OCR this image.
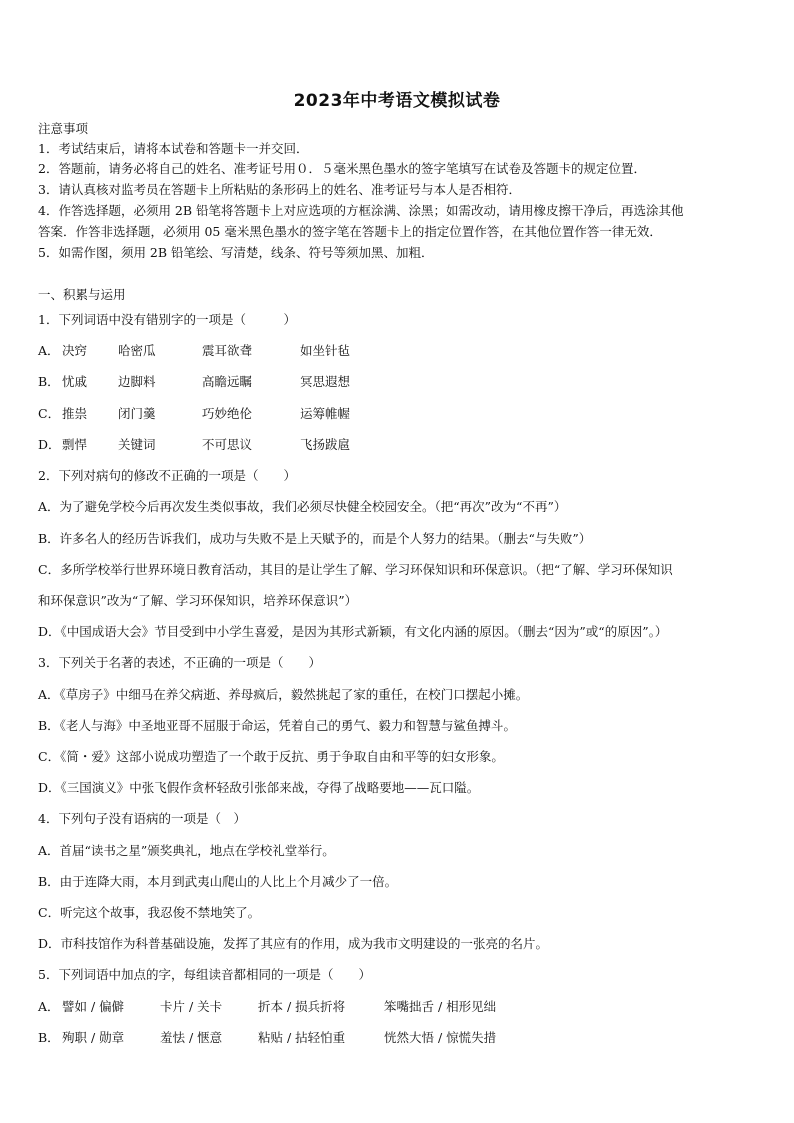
2023年中考语文模拟试卷
注意事项
1．考试结束后，请将本试卷和答题卡一并交回．
2．答题前，请务必将自己的姓名、准考证号用０．５毫米黑色墨水的签字笔填写在试卷及答题卡的规定位置．
3．请认真核对监考员在答题卡上所粘贴的条形码上的姓名、准考证号与本人是否相符．
4．作答选择题，必须用 2B 铅笔将答题卡上对应选项的方框涂满、涂黑；如需改动，请用橡皮擦干净后，再选涂其他
答案．作答非选择题，必须用 05 毫米黑色墨水的签字笔在答题卡上的指定位置作答，在其他位置作答一律无效．
5．如需作图，须用 2B 铅笔绘、写清楚，线条、符号等须加黑、加粗．
一、积累与运用
1．下列词语中没有错别字的一项是（　　　）
A． 决窍 哈密瓜	震耳欲聋	如坐针毡
B． 忧戚 边脚料	高瞻远瞩	冥思遐想
C． 推祟 闭门羹	巧妙绝伦	运筹帷幄
D．剽悍 关键词	不可思议	飞扬跋扈
2．下列对病句的修改不正确的一项是（　　）
A．为了避免学校今后再次发生类似事故，我们必须尽快健全校园安全。（把“再次”改为“不再”）
B．许多名人的经历告诉我们，成功与失败不是上天赋予的，而是个人努力的结果。（删去“与失败”）
C．多所学校举行世界环境日教育活动，其目的是让学生了解、学习环保知识和环保意识。（把“了解、学习环保知识
和环保意识”改为“了解、学习环保知识，培养环保意识”）
D．《中国成语大会》节目受到中小学生喜爱，是因为其形式新颖，有文化内涵的原因。（删去“因为”或“的原因”。）
3．下列关于名著的表述，不正确的一项是（　　）
A．《草房子》中细马在养父病逝、养母疯后，毅然挑起了家的重任，在校门口摆起小摊。
B．《老人与海》中圣地亚哥不屈服于命运，凭着自己的勇气、毅力和智慧与鲨鱼搏斗。
C．《简・爱》这部小说成功塑造了一个敢于反抗、勇于争取自由和平等的妇女形象。
D．《三国演义》中张飞假作贪杯轻敌引张郃来战，夺得了战略要地——瓦口隘。
4．下列句子没有语病的一项是（　）
A．首届“读书之星”颁奖典礼，地点在学校礼堂举行。
B．由于连降大雨，本月到武夷山爬山的人比上个月减少了一倍。
C．听完这个故事，我忍俊不禁地笑了。
D．市科技馆作为科普基础设施，发挥了其应有的作用，成为我市文明建设的一张亮的名片。
5．下列词语中加点的字，每组读音都相同的一项是（　　）
A． 譬如 / 偏僻	卡片 / 关卡	折本 / 损兵折将	笨嘴拙舌 / 相形见绌
B． 殉职 / 勋章	羞怯 / 惬意	粘贴 / 拈轻怕重	恍然大悟 / 惊慌失措
